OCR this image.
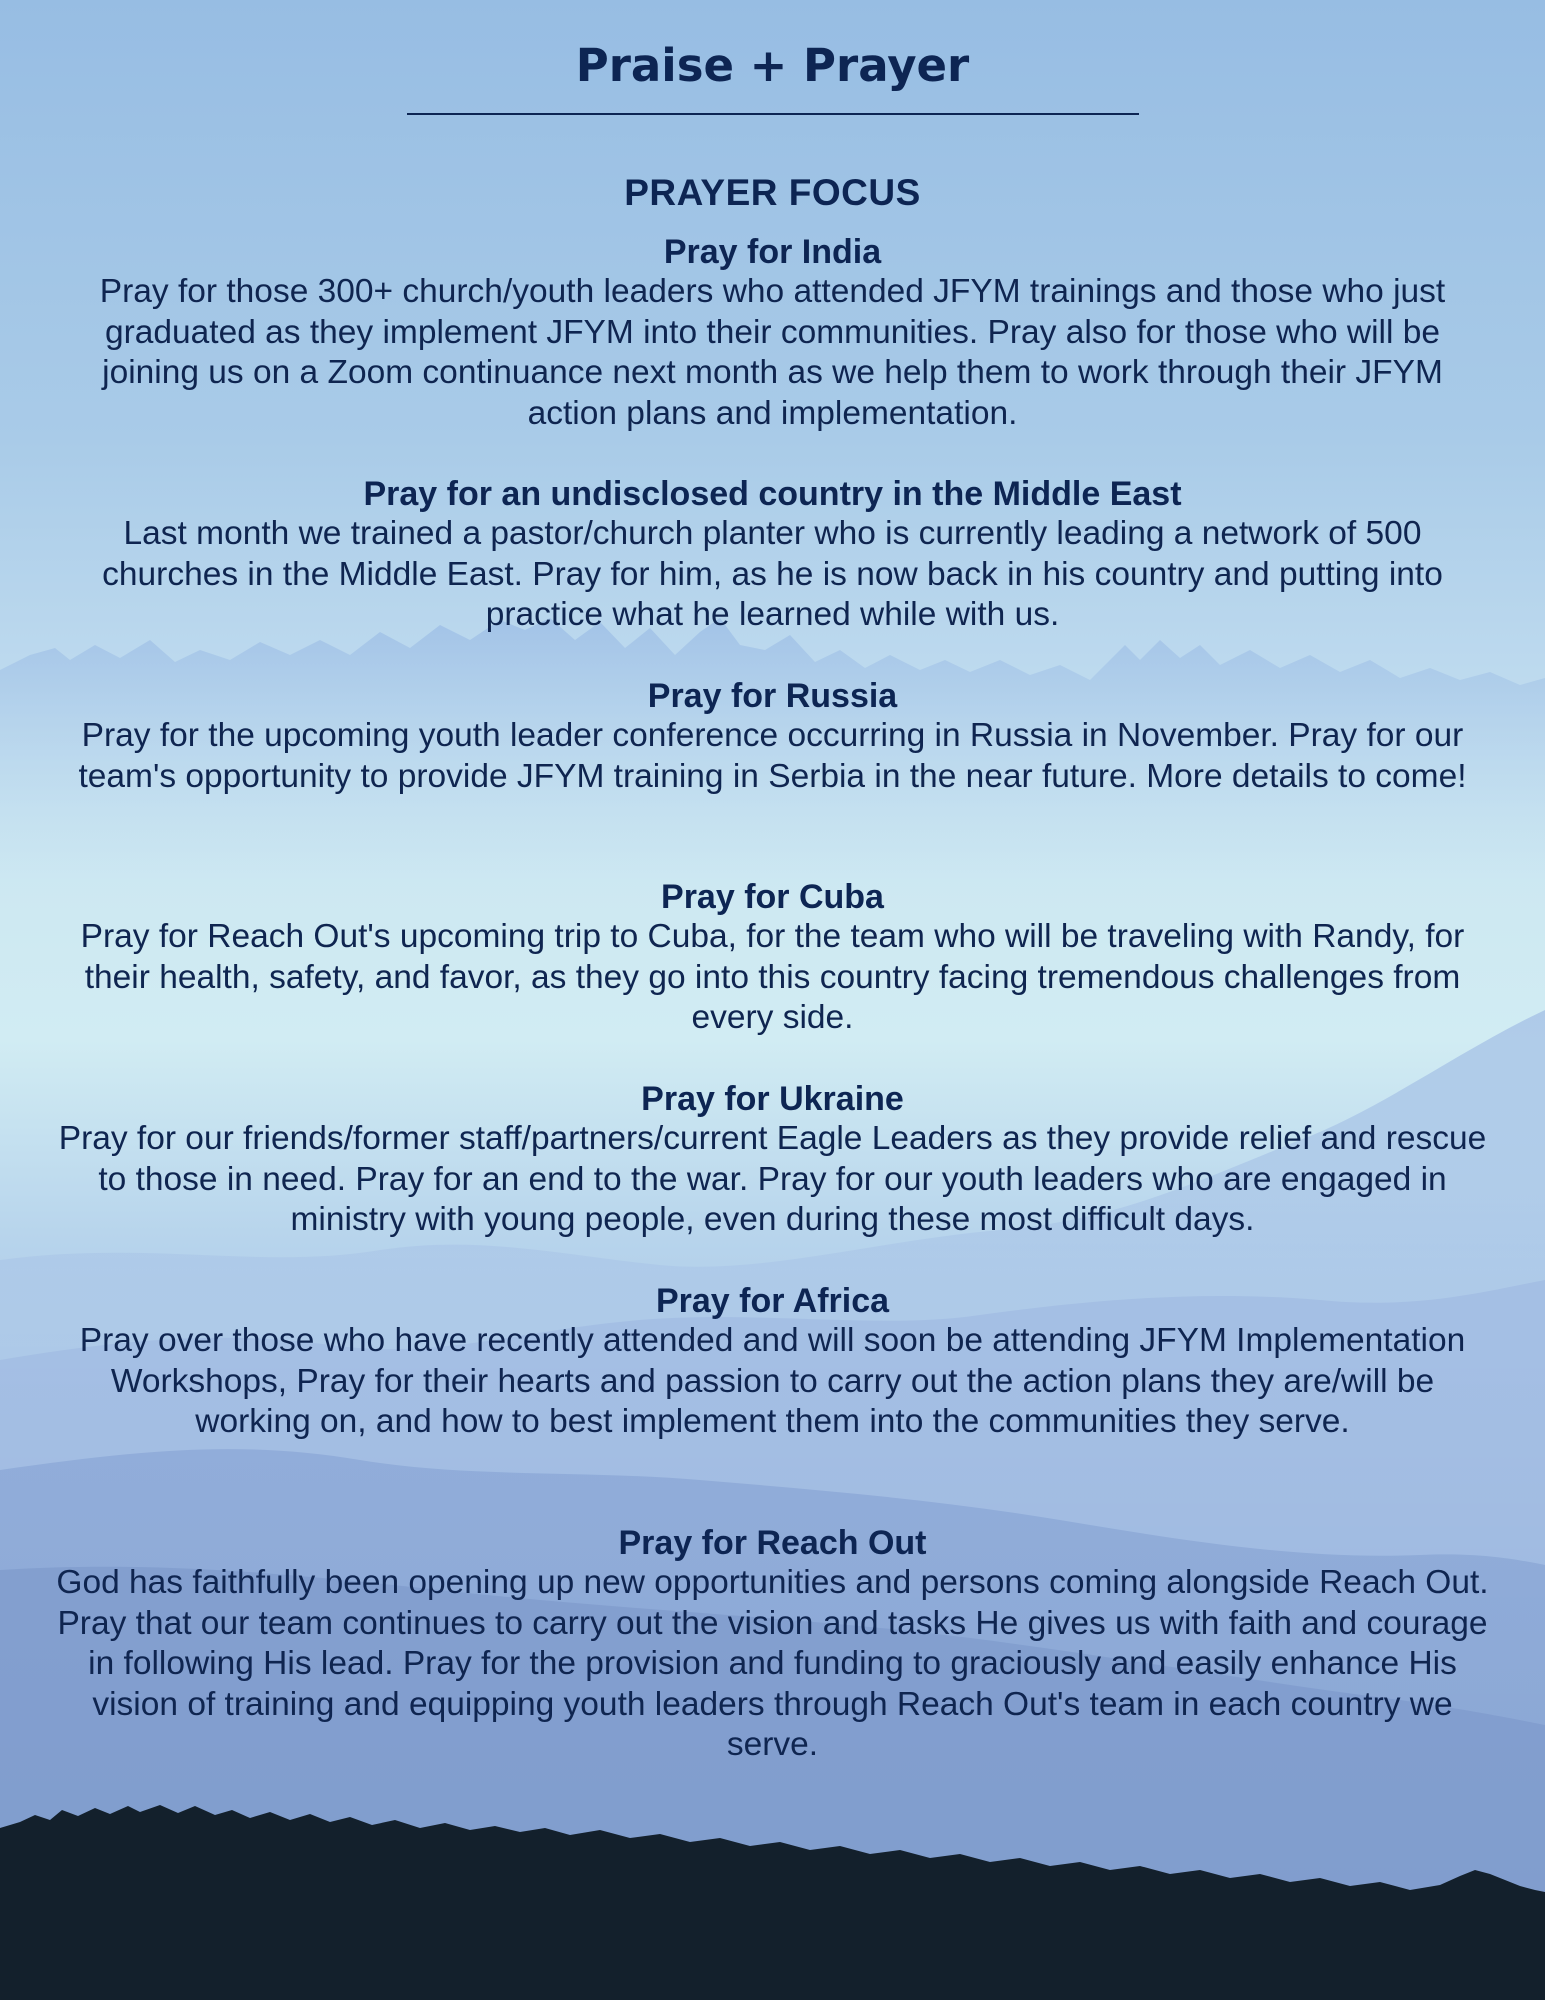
Praise + Prayer
PRAYER FOCUS
Pray for India

Pray for those 300+ church/youth leaders who attended JFYM trainings and those who just graduated as they implement JFYM into their communities. Pray also for those who will be joining us on a Zoom continuance next month as we help them to work through their JFYM action plans and implementation.

Pray for an undisclosed country in the Middle East

Last month we trained a pastor/church planter who is currently leading a network of 500 churches in the Middle East. Pray for him, as he is now back in his country and putting into practice what he learned while with us.

Pray for Russia

Pray for the upcoming youth leader conference occurring in Russia in November. Pray for our team's opportunity to provide JFYM training in Serbia in the near future. More details to come!

Pray for Cuba

Pray for Reach Out's upcoming trip to Cuba, for the team who will be traveling with Randy, for their health, safety, and favor, as they go into this country facing tremendous challenges from every side.

Pray for Ukraine

Pray for our friends/former staff/partners/current Eagle Leaders as they provide relief and rescue to those in need. Pray for an end to the war. Pray for our youth leaders who are engaged in ministry with young people, even during these most difficult days.

Pray for Africa

Pray over those who have recently attended and will soon be attending JFYM Implementation Workshops, Pray for their hearts and passion to carry out the action plans they are/will be working on, and how to best implement them into the communities they serve.

Pray for Reach Out

God has faithfully been opening up new opportunities and persons coming alongside Reach Out. Pray that our team continues to carry out the vision and tasks He gives us with faith and courage in following His lead. Pray for the provision and funding to graciously and easily enhance His vision of training and equipping youth leaders through Reach Out's team in each country we serve.
